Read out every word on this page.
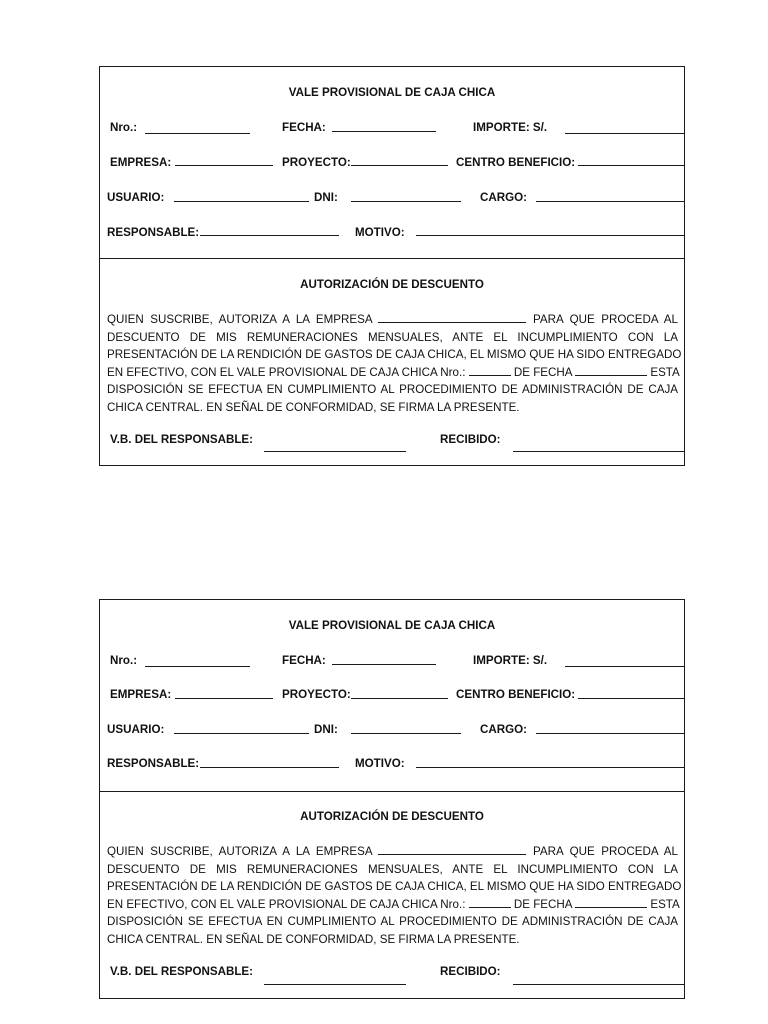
VALE PROVISIONAL DE CAJA CHICA
Nro.:	FECHA:	IMPORTE: S/.
EMPRESA:	PROYECTO:	CENTRO BENEFICIO:
USUARIO:	DNI:	CARGO:
RESPONSABLE:	MOTIVO:
AUTORIZACIÓN DE DESCUENTO
QUIEN SUSCRIBE, AUTORIZA A LA EMPRESA	PARA QUE PROCEDA AL
DESCUENTO DE MIS REMUNERACIONES MENSUALES, ANTE EL INCUMPLIMIENTO CON LA
PRESENTACIÓN DE LA RENDICIÓN DE GASTOS DE CAJA CHICA, EL MISMO QUE HA SIDO ENTREGADO
EN EFECTIVO, CON EL VALE PROVISIONAL DE CAJA CHICA Nro.:	DE FECHA	ESTA
DISPOSICIÓN SE EFECTUA EN CUMPLIMIENTO AL PROCEDIMIENTO DE ADMINISTRACIÓN DE CAJA
CHICA CENTRAL. EN SEÑAL DE CONFORMIDAD, SE FIRMA LA PRESENTE.
V.B. DEL RESPONSABLE:	RECIBIDO:
VALE PROVISIONAL DE CAJA CHICA
Nro.:	FECHA:	IMPORTE: S/.
EMPRESA:	PROYECTO:	CENTRO BENEFICIO:
USUARIO:	DNI:	CARGO:
RESPONSABLE:	MOTIVO:
AUTORIZACIÓN DE DESCUENTO
QUIEN SUSCRIBE, AUTORIZA A LA EMPRESA	PARA QUE PROCEDA AL
DESCUENTO DE MIS REMUNERACIONES MENSUALES, ANTE EL INCUMPLIMIENTO CON LA
PRESENTACIÓN DE LA RENDICIÓN DE GASTOS DE CAJA CHICA, EL MISMO QUE HA SIDO ENTREGADO
EN EFECTIVO, CON EL VALE PROVISIONAL DE CAJA CHICA Nro.:	DE FECHA	ESTA
DISPOSICIÓN SE EFECTUA EN CUMPLIMIENTO AL PROCEDIMIENTO DE ADMINISTRACIÓN DE CAJA
CHICA CENTRAL. EN SEÑAL DE CONFORMIDAD, SE FIRMA LA PRESENTE.
V.B. DEL RESPONSABLE:	RECIBIDO:
